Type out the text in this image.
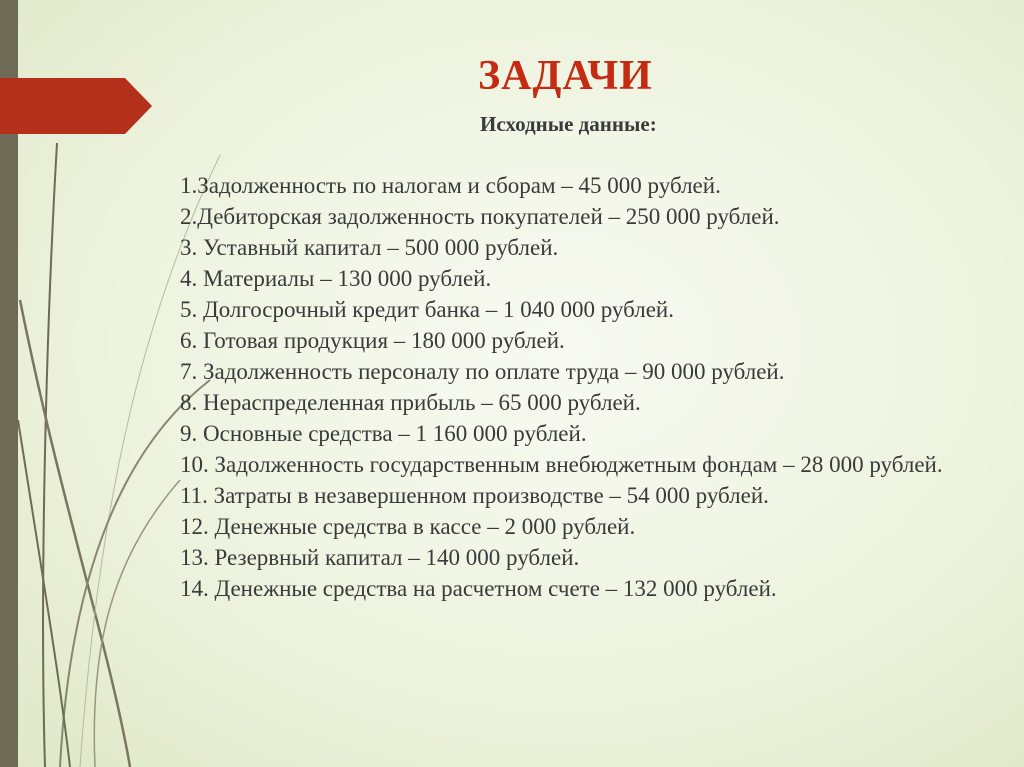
ЗАДАЧИ
Исходные данные:
1.Задолженность по налогам и сборам – 45 000 рублей.
2.Дебиторская задолженность покупателей – 250 000 рублей.
3. Уставный капитал – 500 000 рублей.
4. Материалы – 130 000 рублей.
5. Долгосрочный кредит банка – 1 040 000 рублей.
6. Готовая продукция – 180 000 рублей.
7. Задолженность персоналу по оплате труда – 90 000 рублей.
8. Нераспределенная прибыль – 65 000 рублей.
9. Основные средства – 1 160 000 рублей.
10. Задолженность государственным внебюджетным фондам – 28 000 рублей.
11. Затраты в незавершенном производстве – 54 000 рублей.
12. Денежные средства в кассе – 2 000 рублей.
13. Резервный капитал – 140 000 рублей.
14. Денежные средства на расчетном счете – 132 000 рублей.
